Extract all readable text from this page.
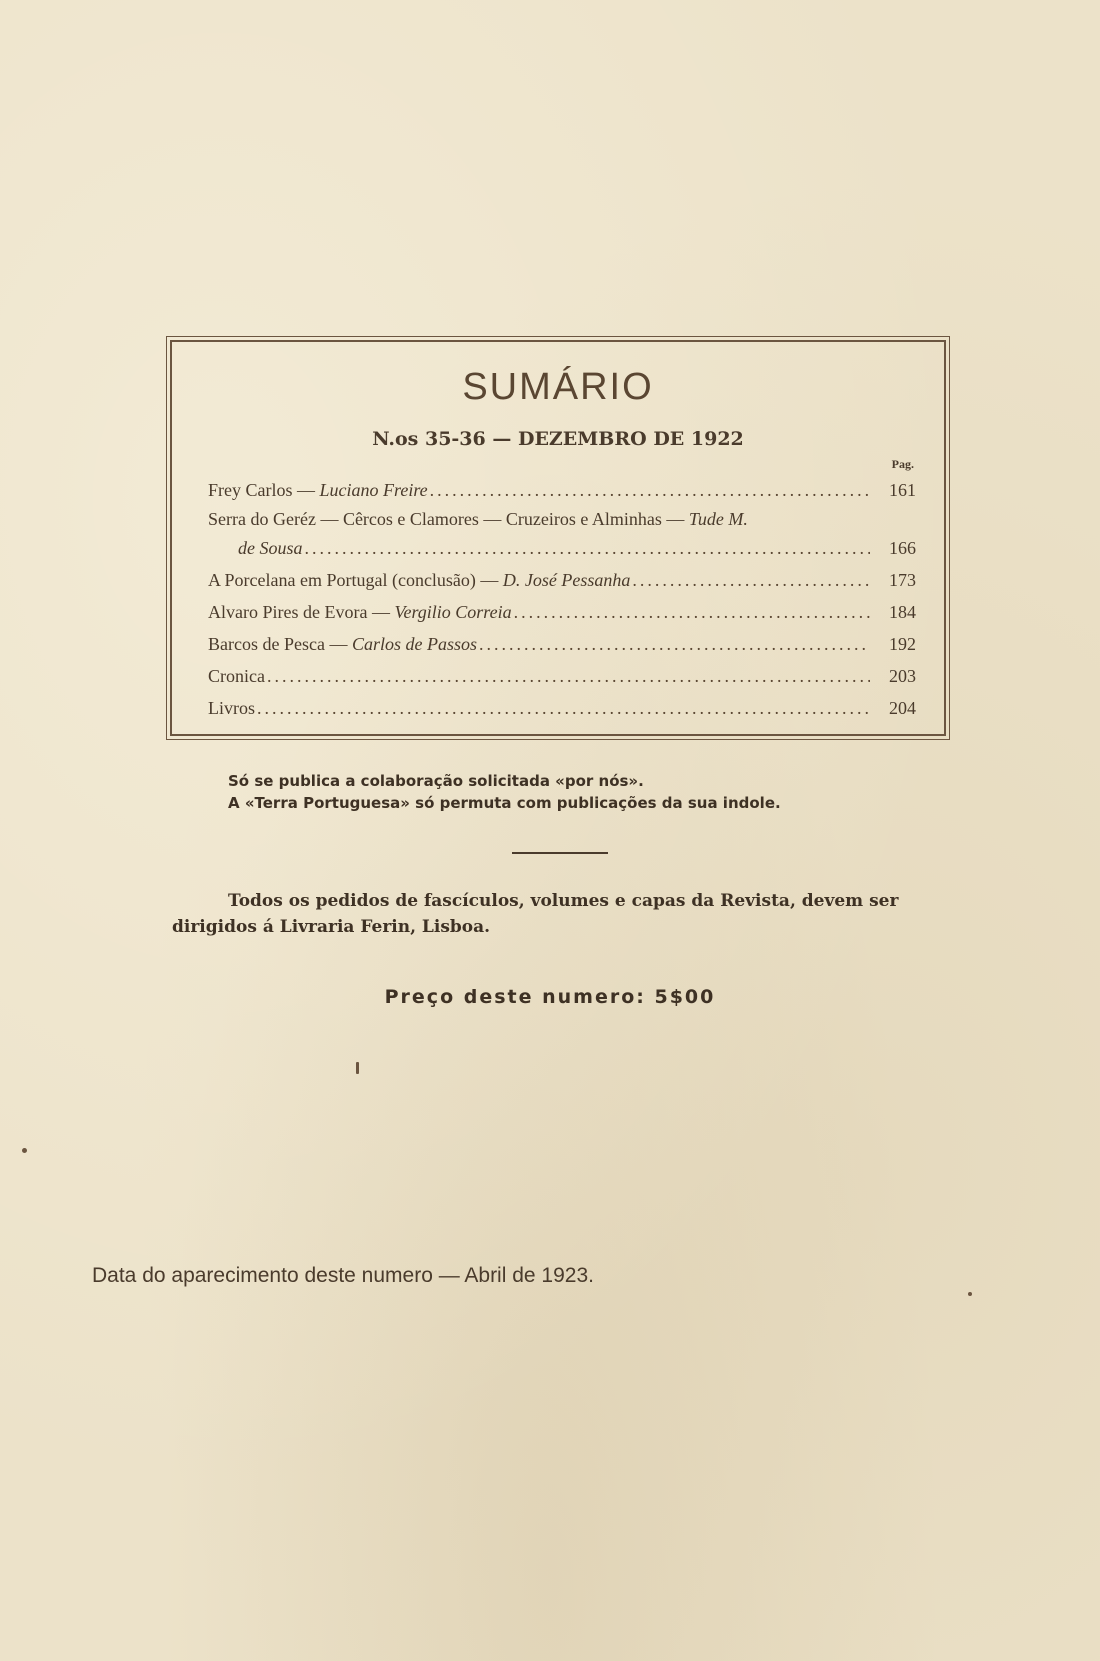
SUMÁRIO
N.os 35-36 — DEZEMBRO DE 1922
Pag.
Frey Carlos — Luciano Freire .....	161
Serra do Geréz — Cêrcos e Clamores — Cruzeiros e Alminhas — Tude M.
de Sousa .....	166
A Porcelana em Portugal (conclusão) — D. José Pessanha .....	173
Alvaro Pires de Evora — Vergilio Correia .....	184
Barcos de Pesca — Carlos de Passos .....	192
Cronica .....	203
Livros .....	204
Só se publica a colaboração solicitada «por nós».
A «Terra Portuguesa» só permuta com publicações da sua indole.
Todos os pedidos de fascículos, volumes e capas da Revista, devem ser dirigidos á Livraria Ferin, Lisboa.
Preço deste numero: 5$00
Data do aparecimento deste numero — Abril de 1923.
